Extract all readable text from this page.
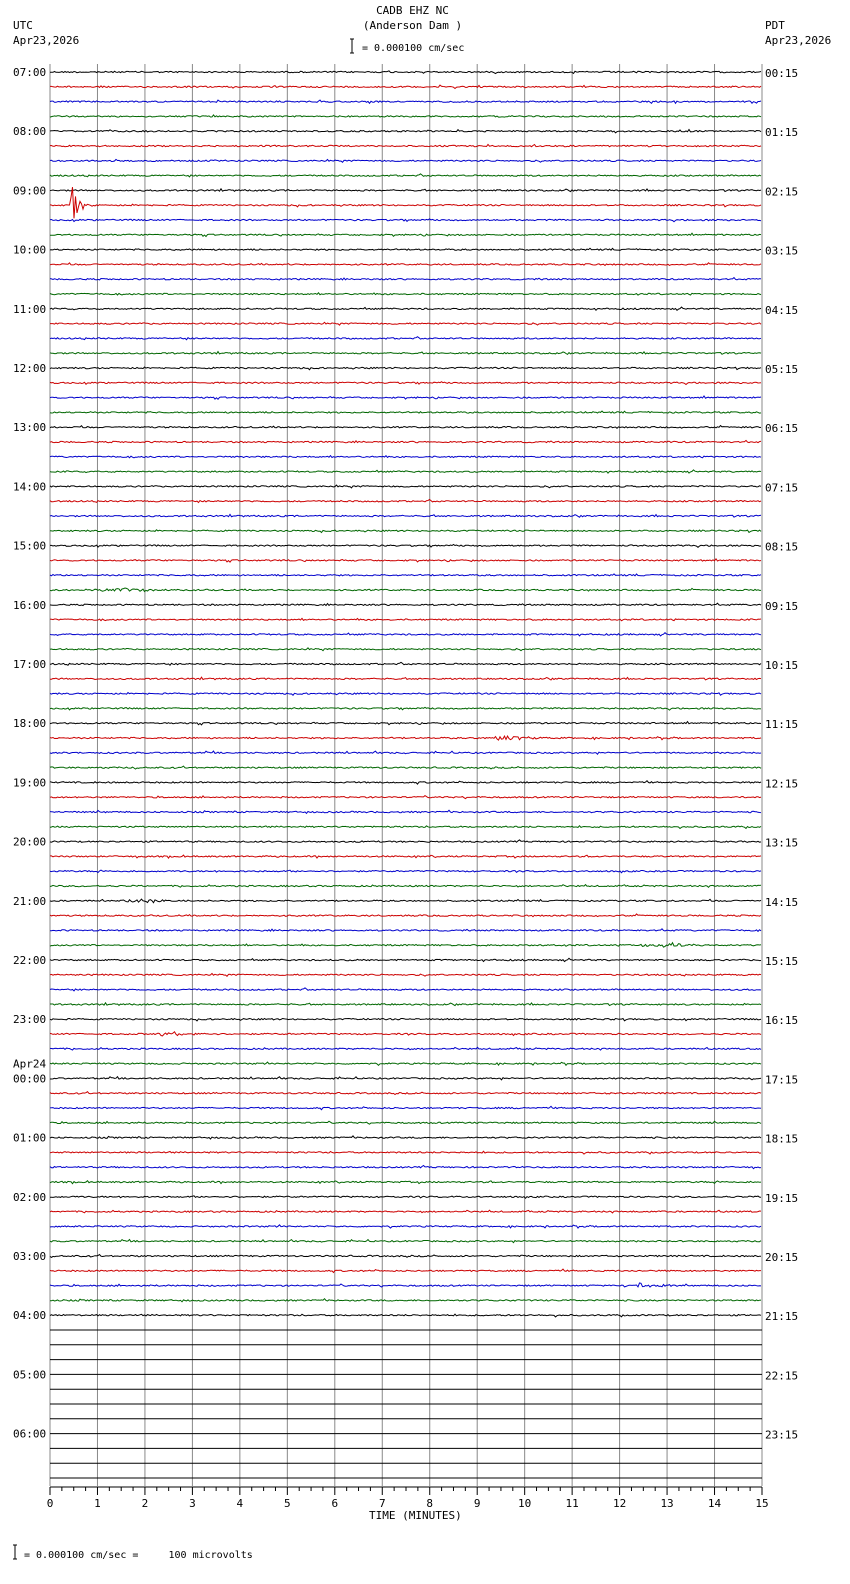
CADB EHZ NC
(Anderson Dam )
UTC
Apr23,2026
PDT
Apr23,2026
= 0.000100 cm/sec
TIME (MINUTES)
= 0.000100 cm/sec =     100 microvolts
0	1	2	3	4	5	6	7	8	9	10	11	12	13	14	15
07:00
08:00
09:00
10:00
11:00
12:00
13:00
14:00
15:00
16:00
17:00
18:00
19:00
20:00
21:00
22:00
23:00
00:00
01:00
02:00
03:00
04:00
05:00
06:00
Apr24
00:15
01:15
02:15
03:15
04:15
05:15
06:15
07:15
08:15
09:15
10:15
11:15
12:15
13:15
14:15
15:15
16:15
17:15
18:15
19:15
20:15
21:15
22:15
23:15
